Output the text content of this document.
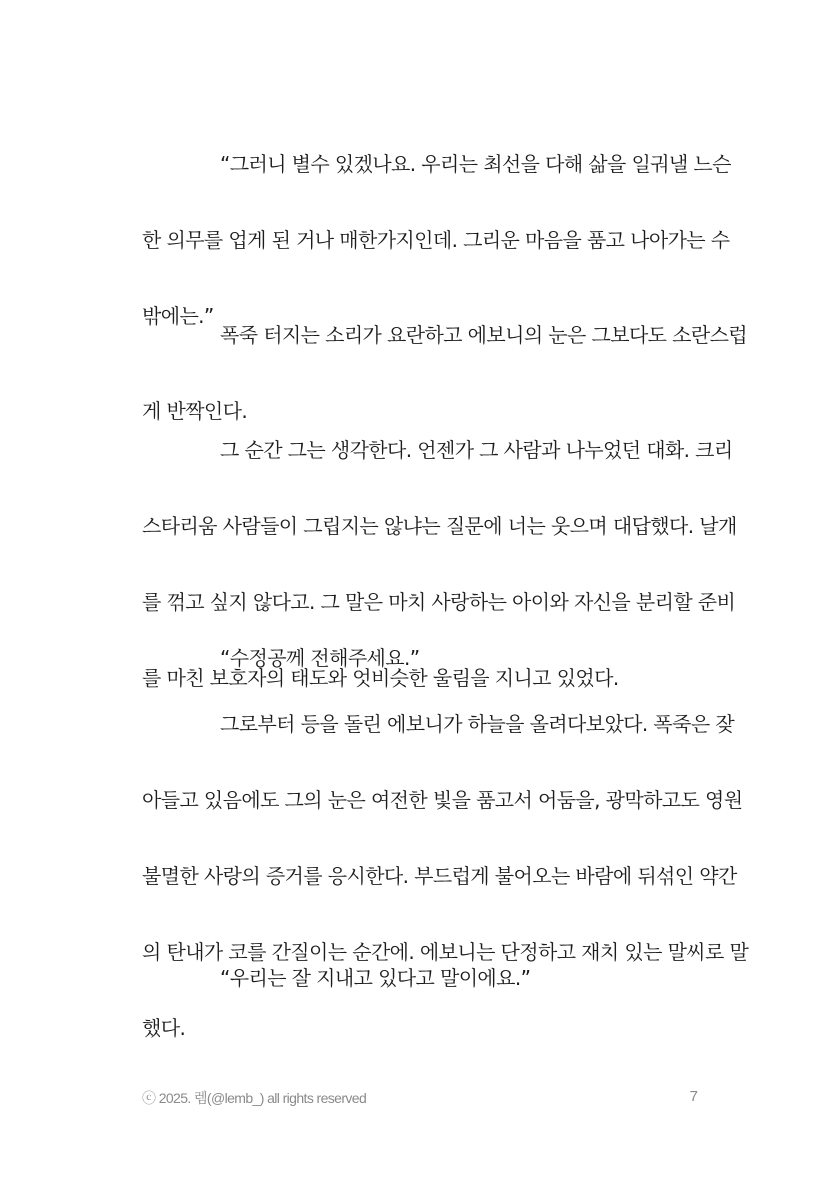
“그러니 별수 있겠나요. 우리는 최선을 다해 삶을 일궈낼 느슨

한 의무를 업게 된 거나 매한가지인데. 그리운 마음을 품고 나아가는 수

밖에는.”

폭죽 터지는 소리가 요란하고 에보니의 눈은 그보다도 소란스럽

게 반짝인다.

그 순간 그는 생각한다. 언젠가 그 사람과 나누었던 대화. 크리

스타리움 사람들이 그립지는 않냐는 질문에 너는 웃으며 대답했다. 날개

를 꺾고 싶지 않다고. 그 말은 마치 사랑하는 아이와 자신을 분리할 준비

를 마친 보호자의 태도와 엇비슷한 울림을 지니고 있었다.

“수정공께 전해주세요.”

그로부터 등을 돌린 에보니가 하늘을 올려다보았다. 폭죽은 잦

아들고 있음에도 그의 눈은 여전한 빛을 품고서 어둠을, 광막하고도 영원

불멸한 사랑의 증거를 응시한다. 부드럽게 불어오는 바람에 뒤섞인 약간

의 탄내가 코를 간질이는 순간에. 에보니는 단정하고 재치 있는 말씨로 말

했다.

“우리는 잘 지내고 있다고 말이에요.”

ⓒ 2025. 렘(@lemb_) all rights reserved	7
